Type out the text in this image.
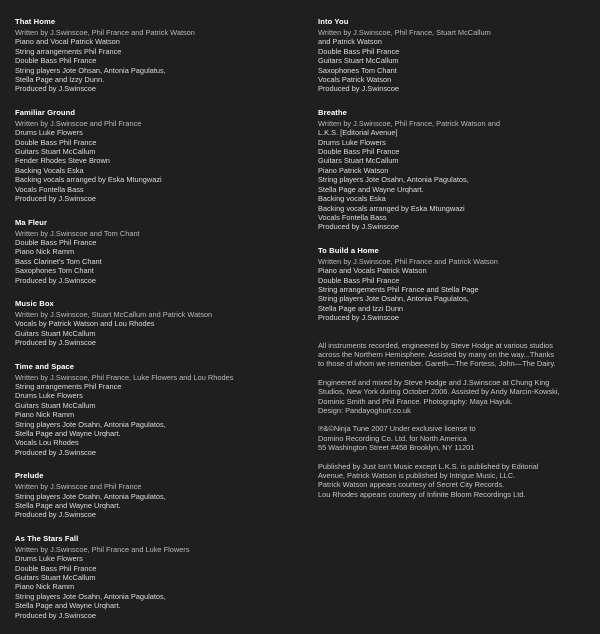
That Home
Written by J.Swinscoe, Phil France and Patrick Watson
Piano and Vocal Patrick Watson
String arrangements Phil France
Double Bass Phil France
String players Jote Ohsan, Antonia Pagulatus,
Stella Page and Izzy Dunn.
Produced by J.Swinscoe
Familiar Ground
Written by J.Swinscoe and Phil France
Drums Luke Flowers
Double Bass Phil France
Guitars Stuart McCallum
Fender Rhodes Steve Brown
Backing Vocals Eska
Backing vocals arranged by Eska Mtungwazi
Vocals Fontella Bass
Produced by J.Swinscoe
Ma Fleur
Written by J.Swinscoe and Tom Chant
Double Bass Phil France
Piano Nick Ramm
Bass Clarinet's Tom Chant
Saxophones Tom Chant
Produced by J.Swinscoe
Music Box
Written by J.Swinscoe, Stuart McCallum and Patrick Watson
Vocals by Patrick Watson and Lou Rhodes
Guitars Stuart McCallum
Produced by J.Swinscoe
Time and Space
Written by J.Swinscoe, Phil France, Luke Flowers and Lou Rhodes
String arrangements Phil France
Drums Luke Flowers
Guitars Stuart McCallum
Piano Nick Ramm
String players Jote Osahn, Antonia Pagulatos,
Stella Page and Wayne Urqhart.
Vocals Lou Rhodes
Produced by J.Swinscoe
Prelude
Written by J.Swinscoe and Phil France
String players Jote Osahn, Antonia Pagulatos,
Stella Page and Wayne Urqhart.
Produced by J.Swinscoe
As The Stars Fall
Written by J.Swinscoe, Phil France and Luke Flowers
Drums Luke Flowers
Double Bass Phil France
Guitars Stuart McCallum
Piano Nick Ramm
String players Jote Osahn, Antonia Pagulatos,
Stella Page and Wayne Urqhart.
Produced by J.Swinscoe
Into You
Written by J.Swinscoe, Phil France, Stuart McCallum
and Patrick Watson
Double Bass Phil France
Guitars Stuart McCallum
Saxophones Tom Chant
Vocals Patrick Watson
Produced by J.Swinscoe
Breathe
Written by J.Swinscoe, Phil France, Patrick Watson and
L.K.S. [Editorial Avenue]
Drums Luke Flowers
Double Bass Phil France
Guitars Stuart McCallum
Piano Patrick Watson
String players Jote Osahn, Antonia Pagulatos,
Stella Page and Wayne Urqhart.
Backing vocals Eska
Backing vocals arranged by Eska Mtungwazi
Vocals Fontella Bass
Produced by J.Swinscoe
To Build a Home
Written by J.Swinscoe, Phil France and Patrick Watson
Piano and Vocals Patrick Watson
Double Bass Phil France
String arrangements Phil France and Stella Page
String players Jote Osahn, Antonia Pagulatos,
Stella Page and Izzi Dunn
Produced by J.Swinscoe
All instruments recorded, engineered by Steve Hodge at various studios
across the Northern Hemisphere. Assisted by many on the way...Thanks
to those of whom we remember. Gareth—The Fortess, John—The Dairy.
Engineered and mixed by Steve Hodge and J.Swinscoe at Chung King
Studios, New York during October 2006. Assisted by Andy Marcin-Kowski,
Dominic Smith and Phil France. Photography: Maya Hayuk.
Design: Pandayoghurt.co.uk
℗&©Ninja Tune 2007 Under exclusive license to
Domino Recording Co. Ltd. for North America
55 Washington Street #458 Brooklyn, NY 11201
Published by Just Isn't Music except L.K.S. is published by Editorial
Avenue, Patrick Watson is published by Intrigue Music, LLC.
Patrick Watson appears courtesy of Secret City Records.
Lou Rhodes appears courtesy of Infinite Bloom Recordings Ltd.
